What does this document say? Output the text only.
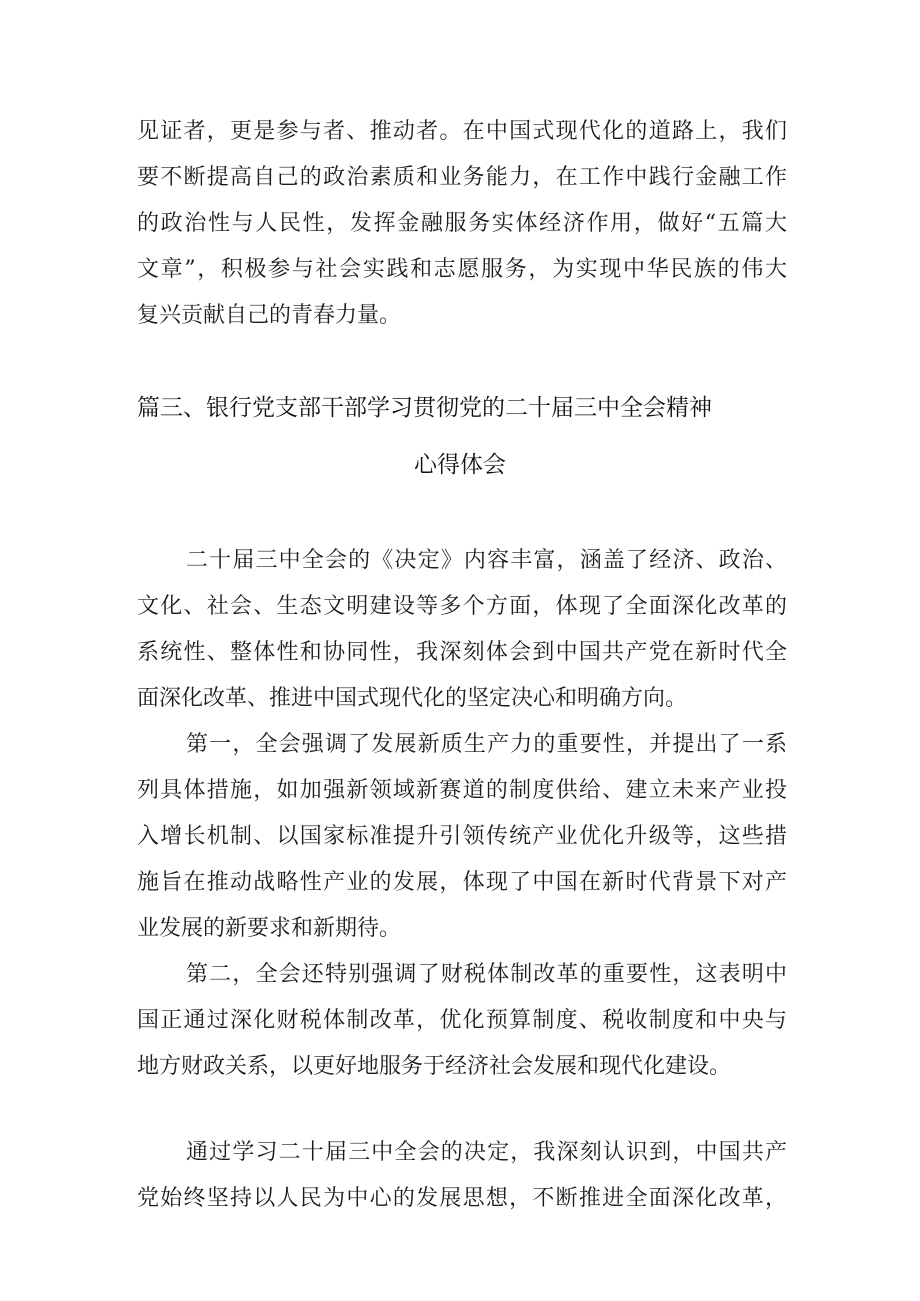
见证者，更是参与者、推动者。在中国式现代化的道路上，我们
要不断提高自己的政治素质和业务能力，在工作中践行金融工作
的政治性与人民性，发挥金融服务实体经济作用，做好“五篇大
文章”，积极参与社会实践和志愿服务，为实现中华民族的伟大
复兴贡献自己的青春力量。
篇三、银行党支部干部学习贯彻党的二十届三中全会精神
心得体会
二十届三中全会的《决定》内容丰富，涵盖了经济、政治、
文化、社会、生态文明建设等多个方面，体现了全面深化改革的
系统性、整体性和协同性，我深刻体会到中国共产党在新时代全
面深化改革、推进中国式现代化的坚定决心和明确方向。
第一，全会强调了发展新质生产力的重要性，并提出了一系
列具体措施，如加强新领域新赛道的制度供给、建立未来产业投
入增长机制、以国家标准提升引领传统产业优化升级等，这些措
施旨在推动战略性产业的发展，体现了中国在新时代背景下对产
业发展的新要求和新期待。
第二，全会还特别强调了财税体制改革的重要性，这表明中
国正通过深化财税体制改革，优化预算制度、税收制度和中央与
地方财政关系，以更好地服务于经济社会发展和现代化建设。
通过学习二十届三中全会的决定，我深刻认识到，中国共产
党始终坚持以人民为中心的发展思想，不断推进全面深化改革，
